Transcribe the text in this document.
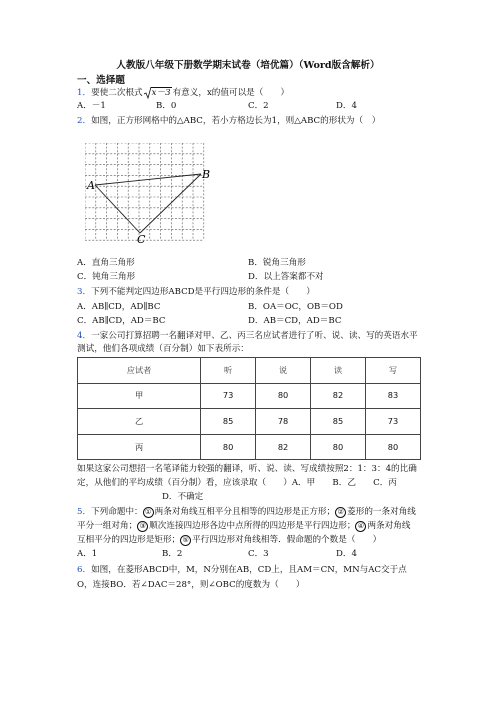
人教版八年级下册数学期末试卷（培优篇）（Word版含解析）
一、选择题
1．要使二次根式 x－3 有意义，x的值可以是（　　）
A．－1	B．0	C．2	D．4
2．如图，正方形网格中的△ABC，若小方格边长为1，则△ABC的形状为（　）
A
B
C
A．直角三角形	B．锐角三角形
C．钝角三角形	D．以上答案都不对
3．下列不能判定四边形ABCD是平行四边形的条件是（　　）
A．AB∥CD，AD∥BC	B．OA＝OC，OB＝OD
C．AB∥CD，AD＝BC	D．AB＝CD，AD＝BC
4．一家公司打算招聘一名翻译对甲、乙、丙三名应试者进行了听、说、读、写的英语水平
测试，他们各项成绩（百分制）如下表所示：
应试者	听	说	读	写
甲	73	80	82	83
乙	85	78	85	73
丙	80	82	80	80
如果这家公司想招一名笔译能力较强的翻译，听、说、读、写成绩按照2：1：3：4的比确
定，从他们的平均成绩（百分制）看，应该录取（　　）A．甲　　B．乙　　C．丙
D．不确定
5．下列命题中： ① 两条对角线互相平分且相等的四边形是正方形； ② 菱形的一条对角线
平分一组对角； ③ 顺次连接四边形各边中点所得的四边形是平行四边形； ④ 两条对角线
互相平分的四边形是矩形； ⑤ 平行四边形对角线相等．假命题的个数是（　　）
A．1	B．2	C．3	D．4
6．如图，在菱形ABCD中，M，N分别在AB，CD上，且AM＝CN，MN与AC交于点
O，连接BO．若∠DAC＝28°，则∠OBC的度数为（　　）
